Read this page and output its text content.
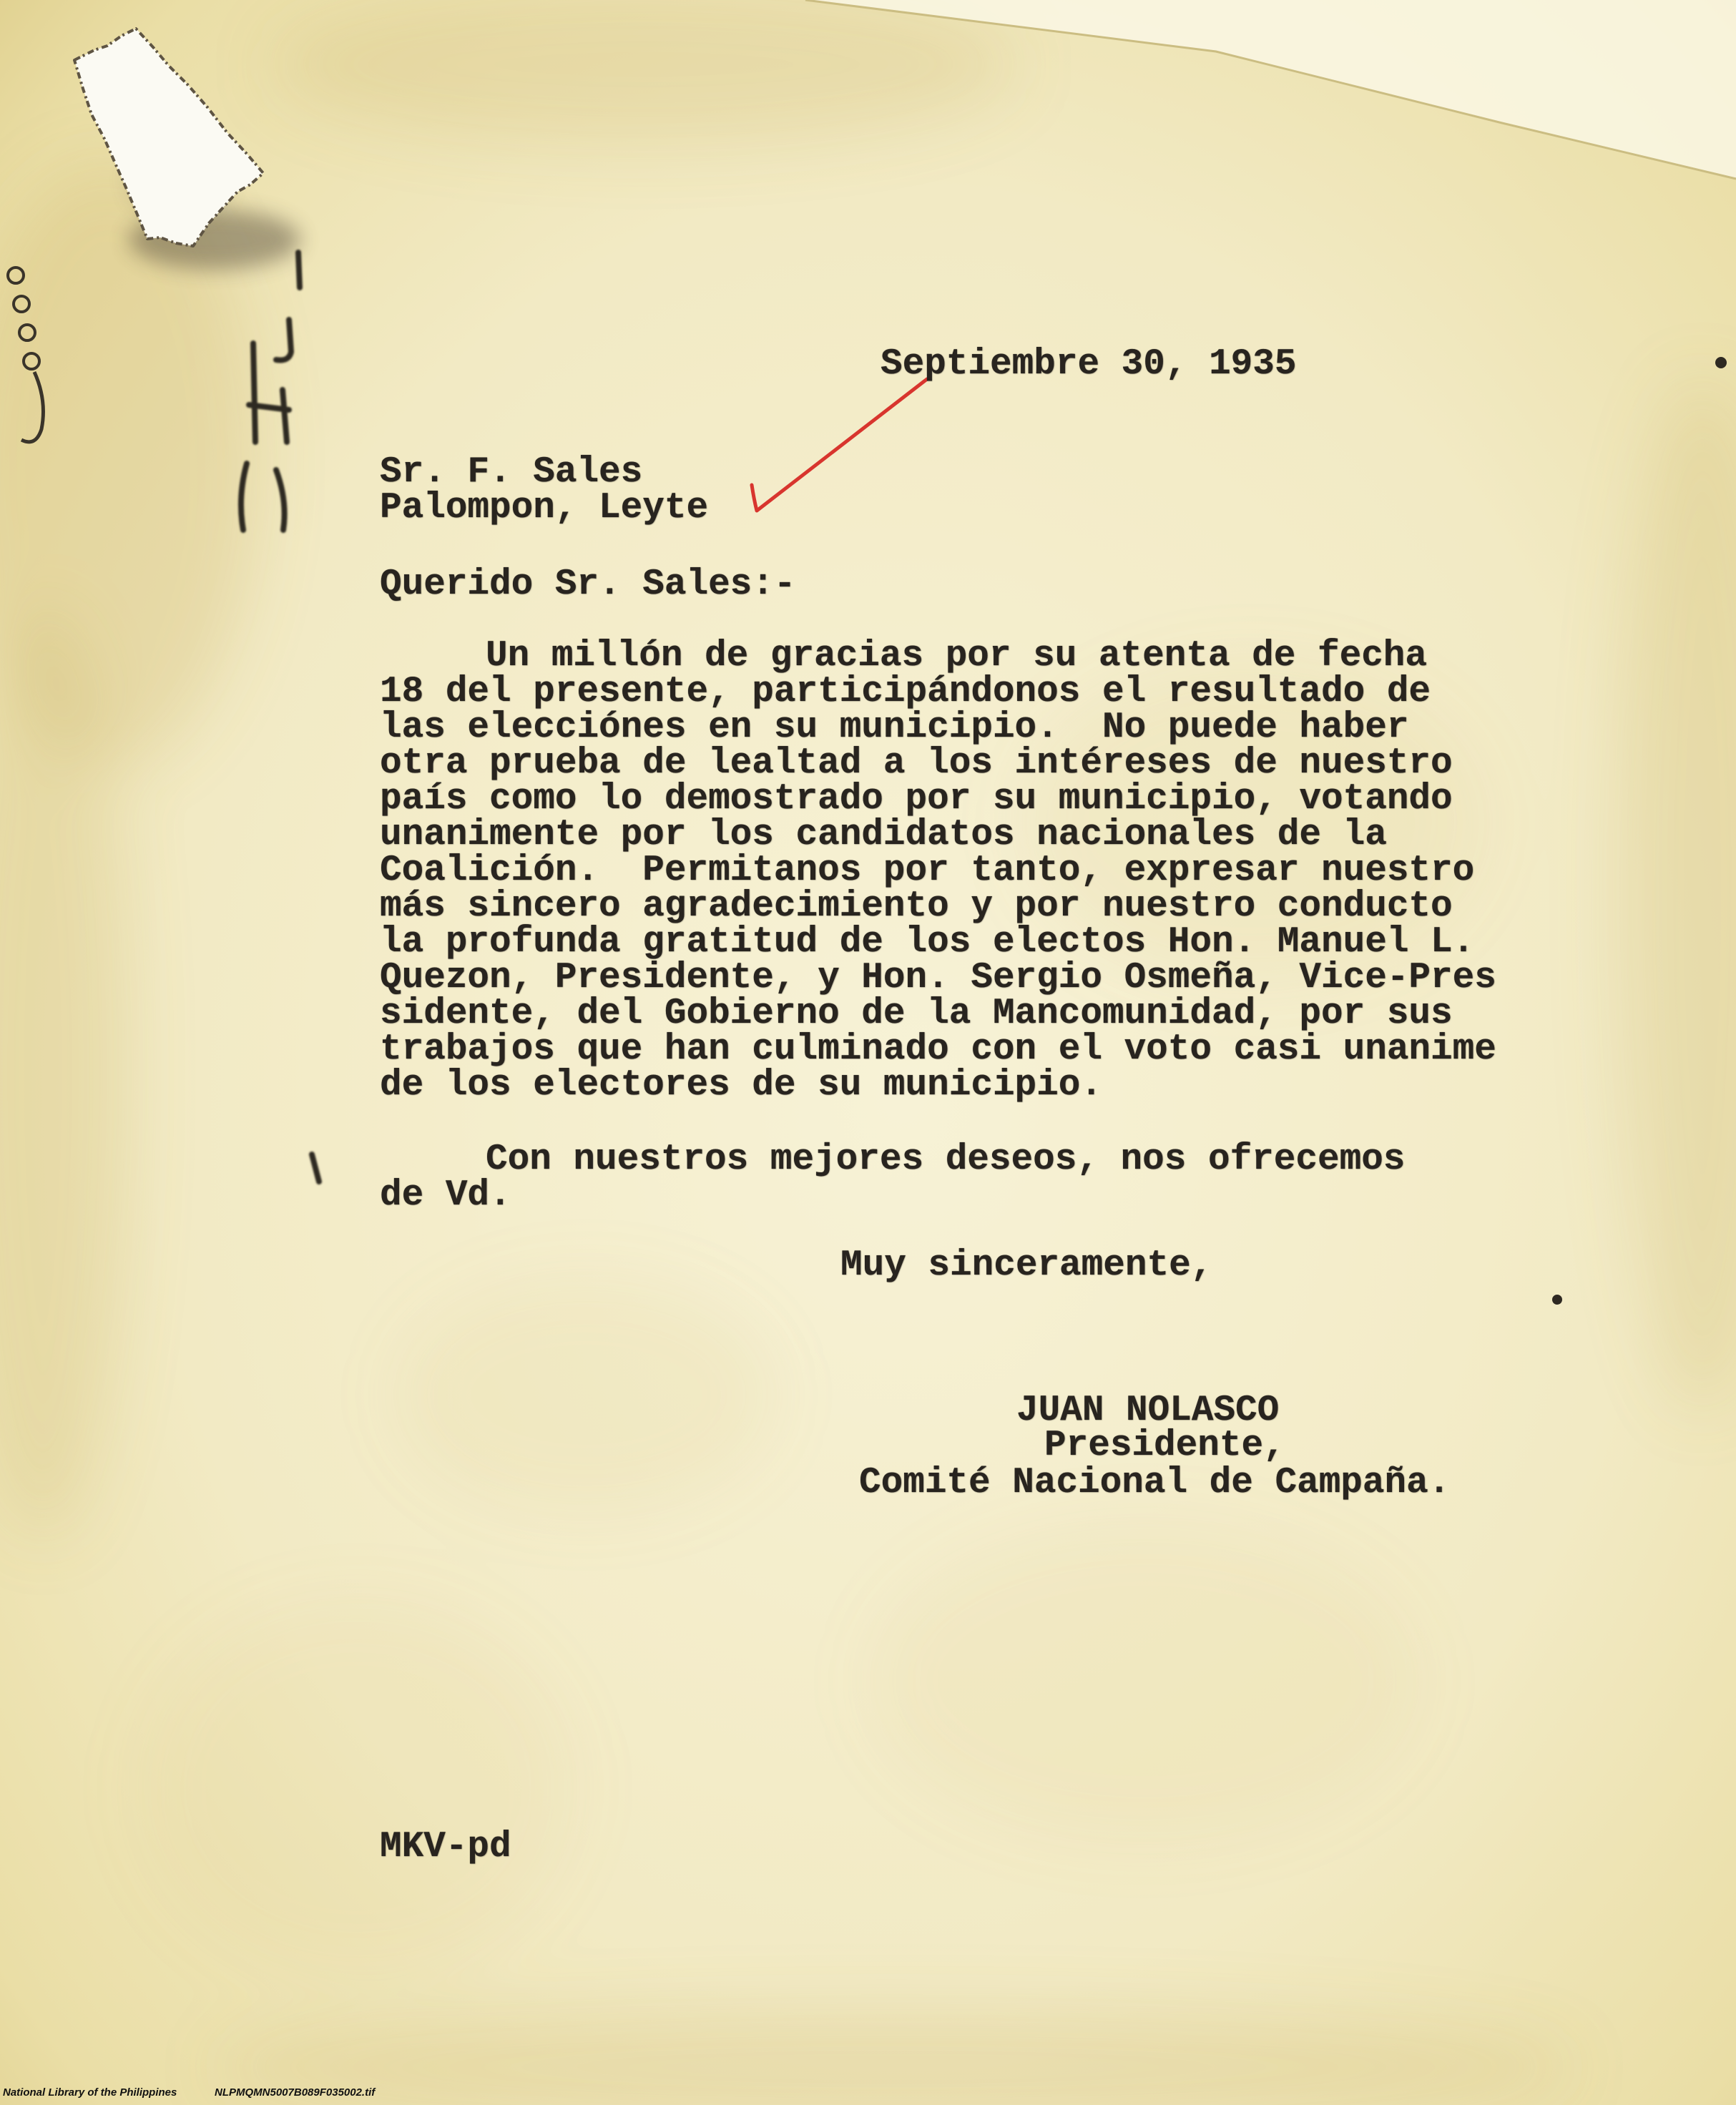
Septiembre 30, 1935
Sr. F. Sales
Palompon, Leyte
Querido Sr. Sales:-
Un millón de gracias por su atenta de fecha
18 del presente, participándonos el resultado de
las elecciónes en su municipio.  No puede haber
otra prueba de lealtad a los intéreses de nuestro
país como lo demostrado por su municipio, votando
unanimente por los candidatos nacionales de la
Coalición.  Permitanos por tanto, expresar nuestro
más sincero agradecimiento y por nuestro conducto
la profunda gratitud de los electos Hon. Manuel L.
Quezon, Presidente, y Hon. Sergio Osmeña, Vice-Pres
sidente, del Gobierno de la Mancomunidad, por sus
trabajos que han culminado con el voto casi unanime
de los electores de su municipio.
Con nuestros mejores deseos, nos ofrecemos
de Vd.
Muy sinceramente,
JUAN NOLASCO
Presidente,
Comité Nacional de Campaña.
MKV-pd
National Library of the Philippines	NLPMQMN5007B089F035002.tif
